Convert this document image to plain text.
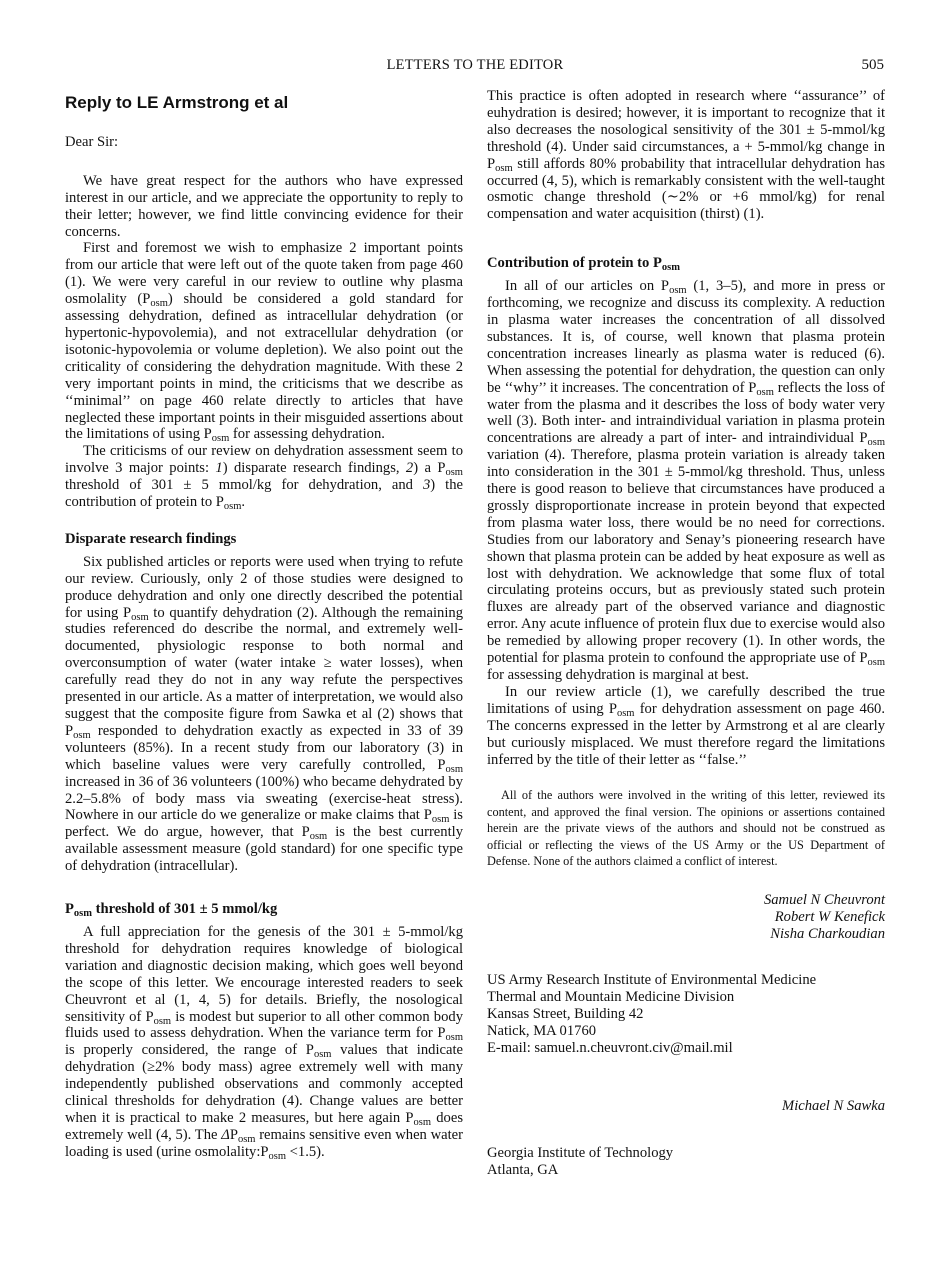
LETTERS TO THE EDITOR	505
Reply to LE Armstrong et al
Dear Sir:

We have great respect for the authors who have expressed interest in our article, and we appreciate the opportunity to reply to their letter; however, we find little convincing evidence for their concerns.

First and foremost we wish to emphasize 2 important points from our article that were left out of the quote taken from page 460 (1). We were very careful in our review to outline why plasma osmolality $(P_{osm})$ should be considered a gold standard for assessing dehydration, defined as intracellular dehydration (or hypertonic-hypovolemia), and not extracellular dehydration (or isotonic-hypovolemia or volume depletion). We also point out the criticality of considering the dehydration magnitude. With these 2 very important points in mind, the criticisms that we describe as ‘‘minimal’’ on page 460 relate directly to articles that have neglected these important points in their misguided assertions about the limitations of using $P_{osm}$ for assessing dehydration.

The criticisms of our review on dehydration assessment seem to involve 3 major points: 1) disparate research findings, 2) a $P_{osm}$ threshold of 301 ± 5 mmol/kg for dehydration, and 3) the contribution of protein to $P_{osm}$.

Disparate research findings

Six published articles or reports were used when trying to refute our review. Curiously, only 2 of those studies were designed to produce dehydration and only one directly described the potential for using $P_{osm}$ to quantify dehydration (2). Although the remaining studies referenced do describe the normal, and extremely well-documented, physiologic response to both normal and overconsumption of water (water intake ≥ water losses), when carefully read they do not in any way refute the perspectives presented in our article. As a matter of interpretation, we would also suggest that the composite figure from Sawka et al (2) shows that $P_{osm}$ responded to dehydration exactly as expected in 33 of 39 volunteers (85%). In a recent study from our laboratory (3) in which baseline values were very carefully controlled, $P_{osm}$ increased in 36 of 36 volunteers (100%) who became dehydrated by 2.2–5.8% of body mass via sweating (exercise-heat stress). Nowhere in our article do we generalize or make claims that $P_{osm}$ is perfect. We do argue, however, that $P_{osm}$ is the best currently available assessment measure (gold standard) for one specific type of dehydration (intracellular).

$P_{osm}$ threshold of 301 ± 5 mmol/kg

A full appreciation for the genesis of the 301 ± 5-mmol/kg threshold for dehydration requires knowledge of biological variation and diagnostic decision making, which goes well beyond the scope of this letter. We encourage interested readers to seek Cheuvront et al (1, 4, 5) for details. Briefly, the nosological sensitivity of $P_{osm}$ is modest but superior to all other common body fluids used to assess dehydration. When the variance term for $P_{osm}$ is properly considered, the range of $P_{osm}$ values that indicate dehydration (≥2% body mass) agree extremely well with many independently published observations and commonly accepted clinical thresholds for dehydration (4). Change values are better when it is practical to make 2 measures, but here again $P_{osm}$ does extremely well (4, 5). The $\Delta P_{osm}$ remains sensitive even when water loading is used (urine $osmolality:P_{osm} <1.5$).

This practice is often adopted in research where ‘‘assurance’’ of euhydration is desired; however, it is important to recognize that it also decreases the nosological sensitivity of the 301 ± 5-mmol/kg threshold (4). Under said circumstances, a + 5-mmol/kg change in $P_{osm}$ still affords 80% probability that intracellular dehydration has occurred (4, 5), which is remarkably consistent with the well-taught osmotic change threshold (∼2% or +6 mmol/kg) for renal compensation and water acquisition (thirst) (1).

Contribution of protein to $P_{osm}$

In all of our articles on $P_{osm}$ (1, 3–5), and more in press or forthcoming, we recognize and discuss its complexity. A reduction in plasma water increases the concentration of all dissolved substances. It is, of course, well known that plasma protein concentration increases linearly as plasma water is reduced (6). When assessing the potential for dehydration, the question can only be ‘‘why’’ it increases. The concentration of $P_{osm}$ reflects the loss of water from the plasma and it describes the loss of body water very well (3). Both inter- and intraindividual variation in plasma protein concentrations are already a part of inter- and intraindividual $P_{osm}$ variation (4). Therefore, plasma protein variation is already taken into consideration in the 301 ± 5-mmol/kg threshold. Thus, unless there is good reason to believe that circumstances have produced a grossly disproportionate increase in protein beyond that expected from plasma water loss, there would be no need for corrections. Studies from our laboratory and Senay’s pioneering research have shown that plasma protein can be added by heat exposure as well as lost with dehydration. We acknowledge that some flux of total circulating proteins occurs, but as previously stated such protein fluxes are already part of the observed variance and diagnostic error. Any acute influence of protein flux due to exercise would also be remedied by allowing proper recovery (1). In other words, the potential for plasma protein to confound the appropriate use of $P_{osm}$ for assessing dehydration is marginal at best.

In our review article (1), we carefully described the true limitations of using $P_{osm}$ for dehydration assessment on page 460. The concerns expressed in the letter by Armstrong et al are clearly but curiously misplaced. We must therefore regard the limitations inferred by the title of their letter as ‘‘false.’’

All of the authors were involved in the writing of this letter, reviewed its content, and approved the final version. The opinions or assertions contained herein are the private views of the authors and should not be construed as official or reflecting the views of the US Army or the US Department of Defense. None of the authors claimed a conflict of interest.

Samuel N Cheuvront
Robert W Kenefick
Nisha Charkoudian
US Army Research Institute of Environmental Medicine
Thermal and Mountain Medicine Division
Kansas Street, Building 42
Natick, MA 01760
E-mail: samuel.n.cheuvront.civ@mail.mil
Michael N Sawka
Georgia Institute of Technology
Atlanta, GA
